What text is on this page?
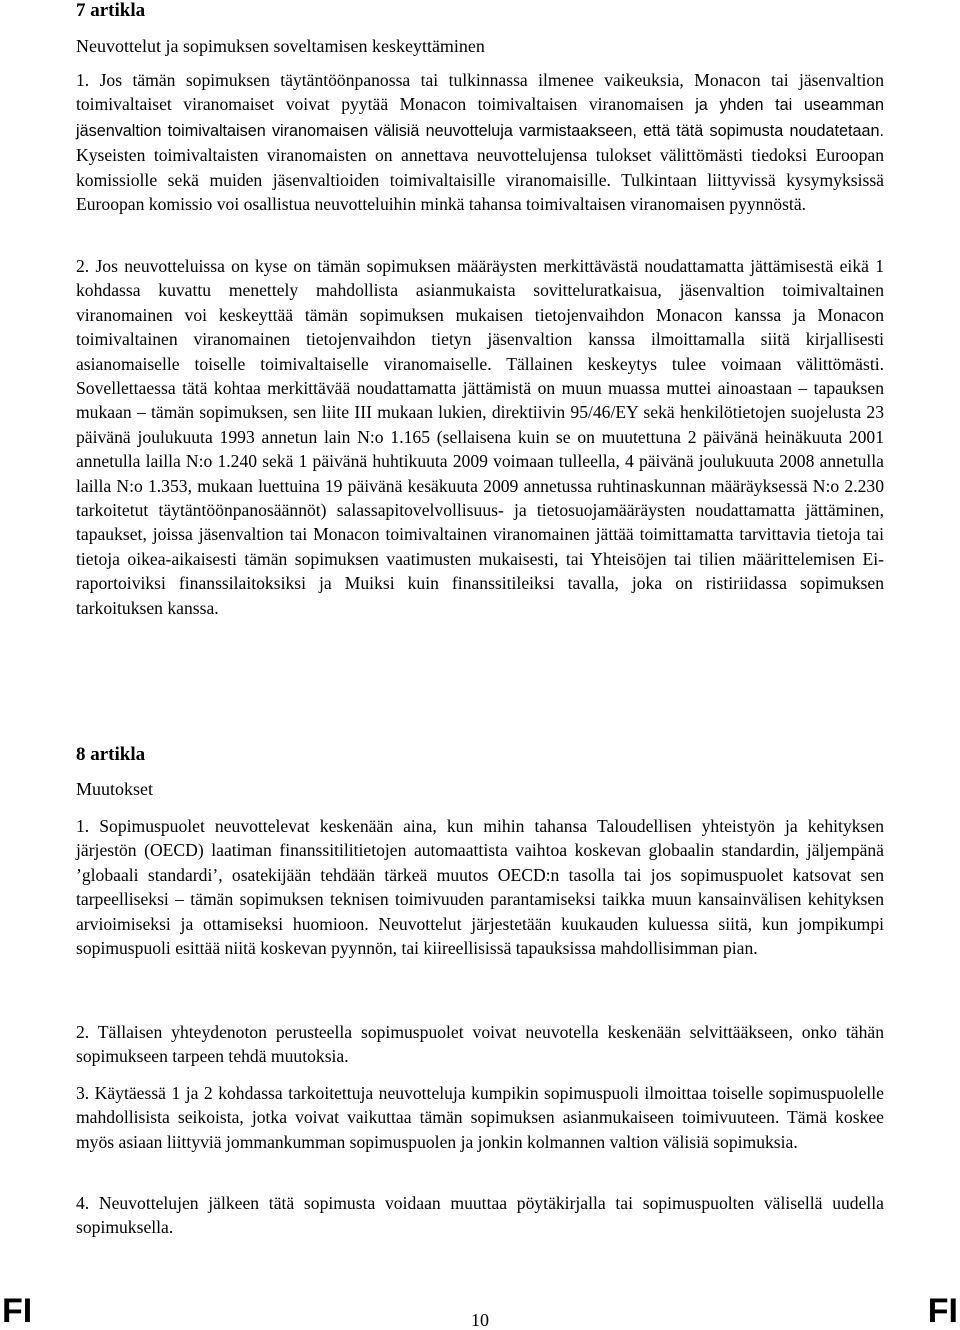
7 artikla

Neuvottelut ja sopimuksen soveltamisen keskeyttäminen

1. Jos tämän sopimuksen täytäntöönpanossa tai tulkinnassa ilmenee vaikeuksia, Monacon tai jäsenvaltion toimivaltaiset viranomaiset voivat pyytää Monacon toimivaltaisen viranomaisen ja yhden tai useamman jäsenvaltion toimivaltaisen viranomaisen välisiä neuvotteluja varmistaakseen, että tätä sopimusta noudatetaan. Kyseisten toimivaltaisten viranomaisten on annettava neuvottelujensa tulokset välittömästi tiedoksi Euroopan komissiolle sekä muiden jäsenvaltioiden toimivaltaisille viranomaisille. Tulkintaan liittyvissä kysymyksissä Euroopan komissio voi osallistua neuvotteluihin minkä tahansa toimivaltaisen viranomaisen pyynnöstä.

2. Jos neuvotteluissa on kyse on tämän sopimuksen määräysten merkittävästä noudattamatta jättämisestä eikä 1 kohdassa kuvattu menettely mahdollista asianmukaista sovitteluratkaisua, jäsenvaltion toimivaltainen viranomainen voi keskeyttää tämän sopimuksen mukaisen tietojenvaihdon Monacon kanssa ja Monacon toimivaltainen viranomainen tietojenvaihdon tietyn jäsenvaltion kanssa ilmoittamalla siitä kirjallisesti asianomaiselle toiselle toimivaltaiselle viranomaiselle. Tällainen keskeytys tulee voimaan välittömästi. Sovellettaessa tätä kohtaa merkittävää noudattamatta jättämistä on muun muassa muttei ainoastaan – tapauksen mukaan – tämän sopimuksen, sen liite III mukaan lukien, direktiivin 95/46/EY sekä henkilötietojen suojelusta 23 päivänä joulukuuta 1993 annetun lain N:o 1.165 (sellaisena kuin se on muutettuna 2 päivänä heinäkuuta 2001 annetulla lailla N:o 1.240 sekä 1 päivänä huhtikuuta 2009 voimaan tulleella, 4 päivänä joulukuuta 2008 annetulla lailla N:o 1.353, mukaan luettuina 19 päivänä kesäkuuta 2009 annetussa ruhtinaskunnan määräyksessä N:o 2.230 tarkoitetut täytäntöönpanosäännöt) salassapitovelvollisuus- ja tietosuojamääräysten noudattamatta jättäminen, tapaukset, joissa jäsenvaltion tai Monacon toimivaltainen viranomainen jättää toimittamatta tarvittavia tietoja tai tietoja oikea-aikaisesti tämän sopimuksen vaatimusten mukaisesti, tai Yhteisöjen tai tilien määrittelemisen Ei-raportoiviksi finanssilaitoksiksi ja Muiksi kuin finanssitileiksi tavalla, joka on ristiriidassa sopimuksen tarkoituksen kanssa.

8 artikla

Muutokset

1. Sopimuspuolet neuvottelevat keskenään aina, kun mihin tahansa Taloudellisen yhteistyön ja kehityksen järjestön (OECD) laatiman finanssitilitietojen automaattista vaihtoa koskevan globaalin standardin, jäljempänä ’globaali standardi’, osatekijään tehdään tärkeä muutos OECD:n tasolla tai jos sopimuspuolet katsovat sen tarpeelliseksi – tämän sopimuksen teknisen toimivuuden parantamiseksi taikka muun kansainvälisen kehityksen arvioimiseksi ja ottamiseksi huomioon. Neuvottelut järjestetään kuukauden kuluessa siitä, kun jompikumpi sopimuspuoli esittää niitä koskevan pyynnön, tai kiireellisissä tapauksissa mahdollisimman pian.

2. Tällaisen yhteydenoton perusteella sopimuspuolet voivat neuvotella keskenään selvittääkseen, onko tähän sopimukseen tarpeen tehdä muutoksia.

3. Käytäessä 1 ja 2 kohdassa tarkoitettuja neuvotteluja kumpikin sopimuspuoli ilmoittaa toiselle sopimuspuolelle mahdollisista seikoista, jotka voivat vaikuttaa tämän sopimuksen asianmukaiseen toimivuuteen. Tämä koskee myös asiaan liittyviä jommankumman sopimuspuolen ja jonkin kolmannen valtion välisiä sopimuksia.

4. Neuvottelujen jälkeen tätä sopimusta voidaan muuttaa pöytäkirjalla tai sopimuspuolten välisellä uudella sopimuksella.

FI	10	FI
